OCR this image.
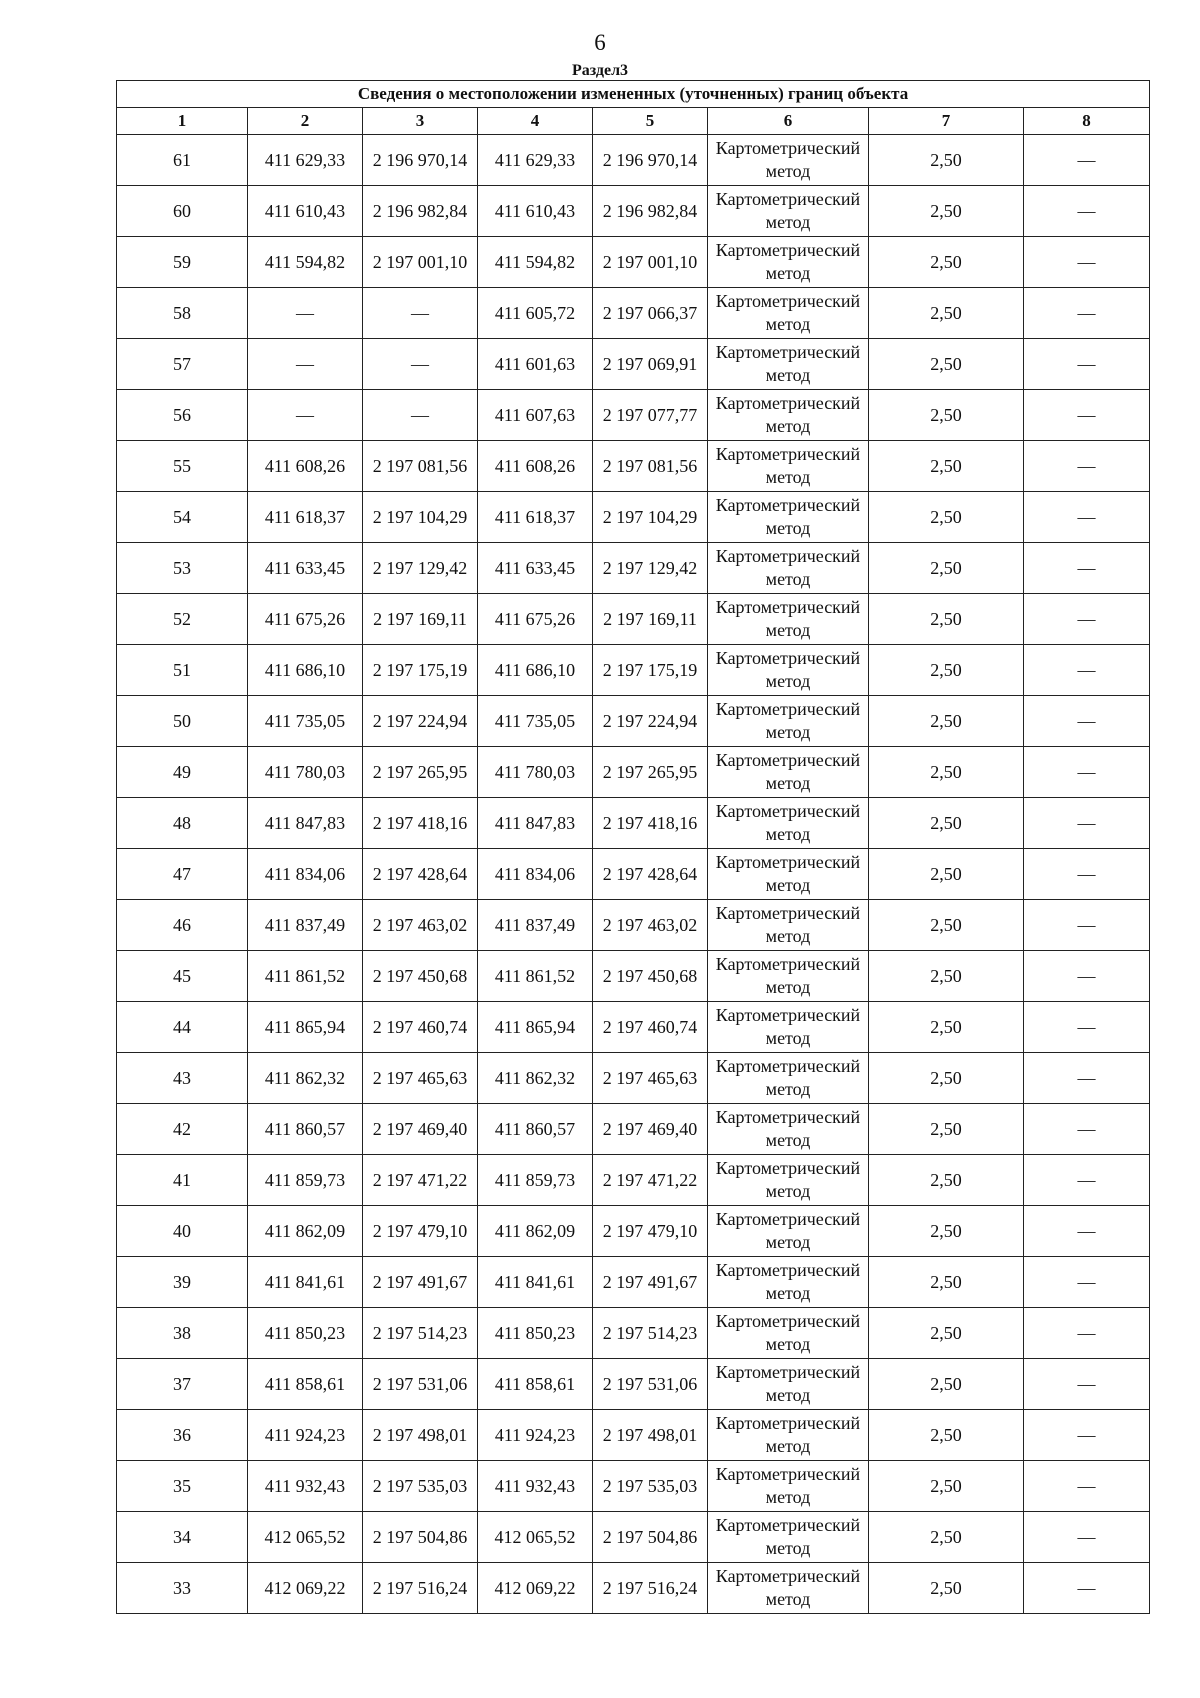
6
Раздел3
Сведения о местоположении измененных (уточненных) границ объекта							
1	2	3	4	5	6	7	8
61	411 629,33	2 196 970,14	411 629,33	2 196 970,14	Картометрический метод	2,50	—
60	411 610,43	2 196 982,84	411 610,43	2 196 982,84	Картометрический метод	2,50	—
59	411 594,82	2 197 001,10	411 594,82	2 197 001,10	Картометрический метод	2,50	—
58	—	—	411 605,72	2 197 066,37	Картометрический метод	2,50	—
57	—	—	411 601,63	2 197 069,91	Картометрический метод	2,50	—
56	—	—	411 607,63	2 197 077,77	Картометрический метод	2,50	—
55	411 608,26	2 197 081,56	411 608,26	2 197 081,56	Картометрический метод	2,50	—
54	411 618,37	2 197 104,29	411 618,37	2 197 104,29	Картометрический метод	2,50	—
53	411 633,45	2 197 129,42	411 633,45	2 197 129,42	Картометрический метод	2,50	—
52	411 675,26	2 197 169,11	411 675,26	2 197 169,11	Картометрический метод	2,50	—
51	411 686,10	2 197 175,19	411 686,10	2 197 175,19	Картометрический метод	2,50	—
50	411 735,05	2 197 224,94	411 735,05	2 197 224,94	Картометрический метод	2,50	—
49	411 780,03	2 197 265,95	411 780,03	2 197 265,95	Картометрический метод	2,50	—
48	411 847,83	2 197 418,16	411 847,83	2 197 418,16	Картометрический метод	2,50	—
47	411 834,06	2 197 428,64	411 834,06	2 197 428,64	Картометрический метод	2,50	—
46	411 837,49	2 197 463,02	411 837,49	2 197 463,02	Картометрический метод	2,50	—
45	411 861,52	2 197 450,68	411 861,52	2 197 450,68	Картометрический метод	2,50	—
44	411 865,94	2 197 460,74	411 865,94	2 197 460,74	Картометрический метод	2,50	—
43	411 862,32	2 197 465,63	411 862,32	2 197 465,63	Картометрический метод	2,50	—
42	411 860,57	2 197 469,40	411 860,57	2 197 469,40	Картометрический метод	2,50	—
41	411 859,73	2 197 471,22	411 859,73	2 197 471,22	Картометрический метод	2,50	—
40	411 862,09	2 197 479,10	411 862,09	2 197 479,10	Картометрический метод	2,50	—
39	411 841,61	2 197 491,67	411 841,61	2 197 491,67	Картометрический метод	2,50	—
38	411 850,23	2 197 514,23	411 850,23	2 197 514,23	Картометрический метод	2,50	—
37	411 858,61	2 197 531,06	411 858,61	2 197 531,06	Картометрический метод	2,50	—
36	411 924,23	2 197 498,01	411 924,23	2 197 498,01	Картометрический метод	2,50	—
35	411 932,43	2 197 535,03	411 932,43	2 197 535,03	Картометрический метод	2,50	—
34	412 065,52	2 197 504,86	412 065,52	2 197 504,86	Картометрический метод	2,50	—
33	412 069,22	2 197 516,24	412 069,22	2 197 516,24	Картометрический метод	2,50	—
